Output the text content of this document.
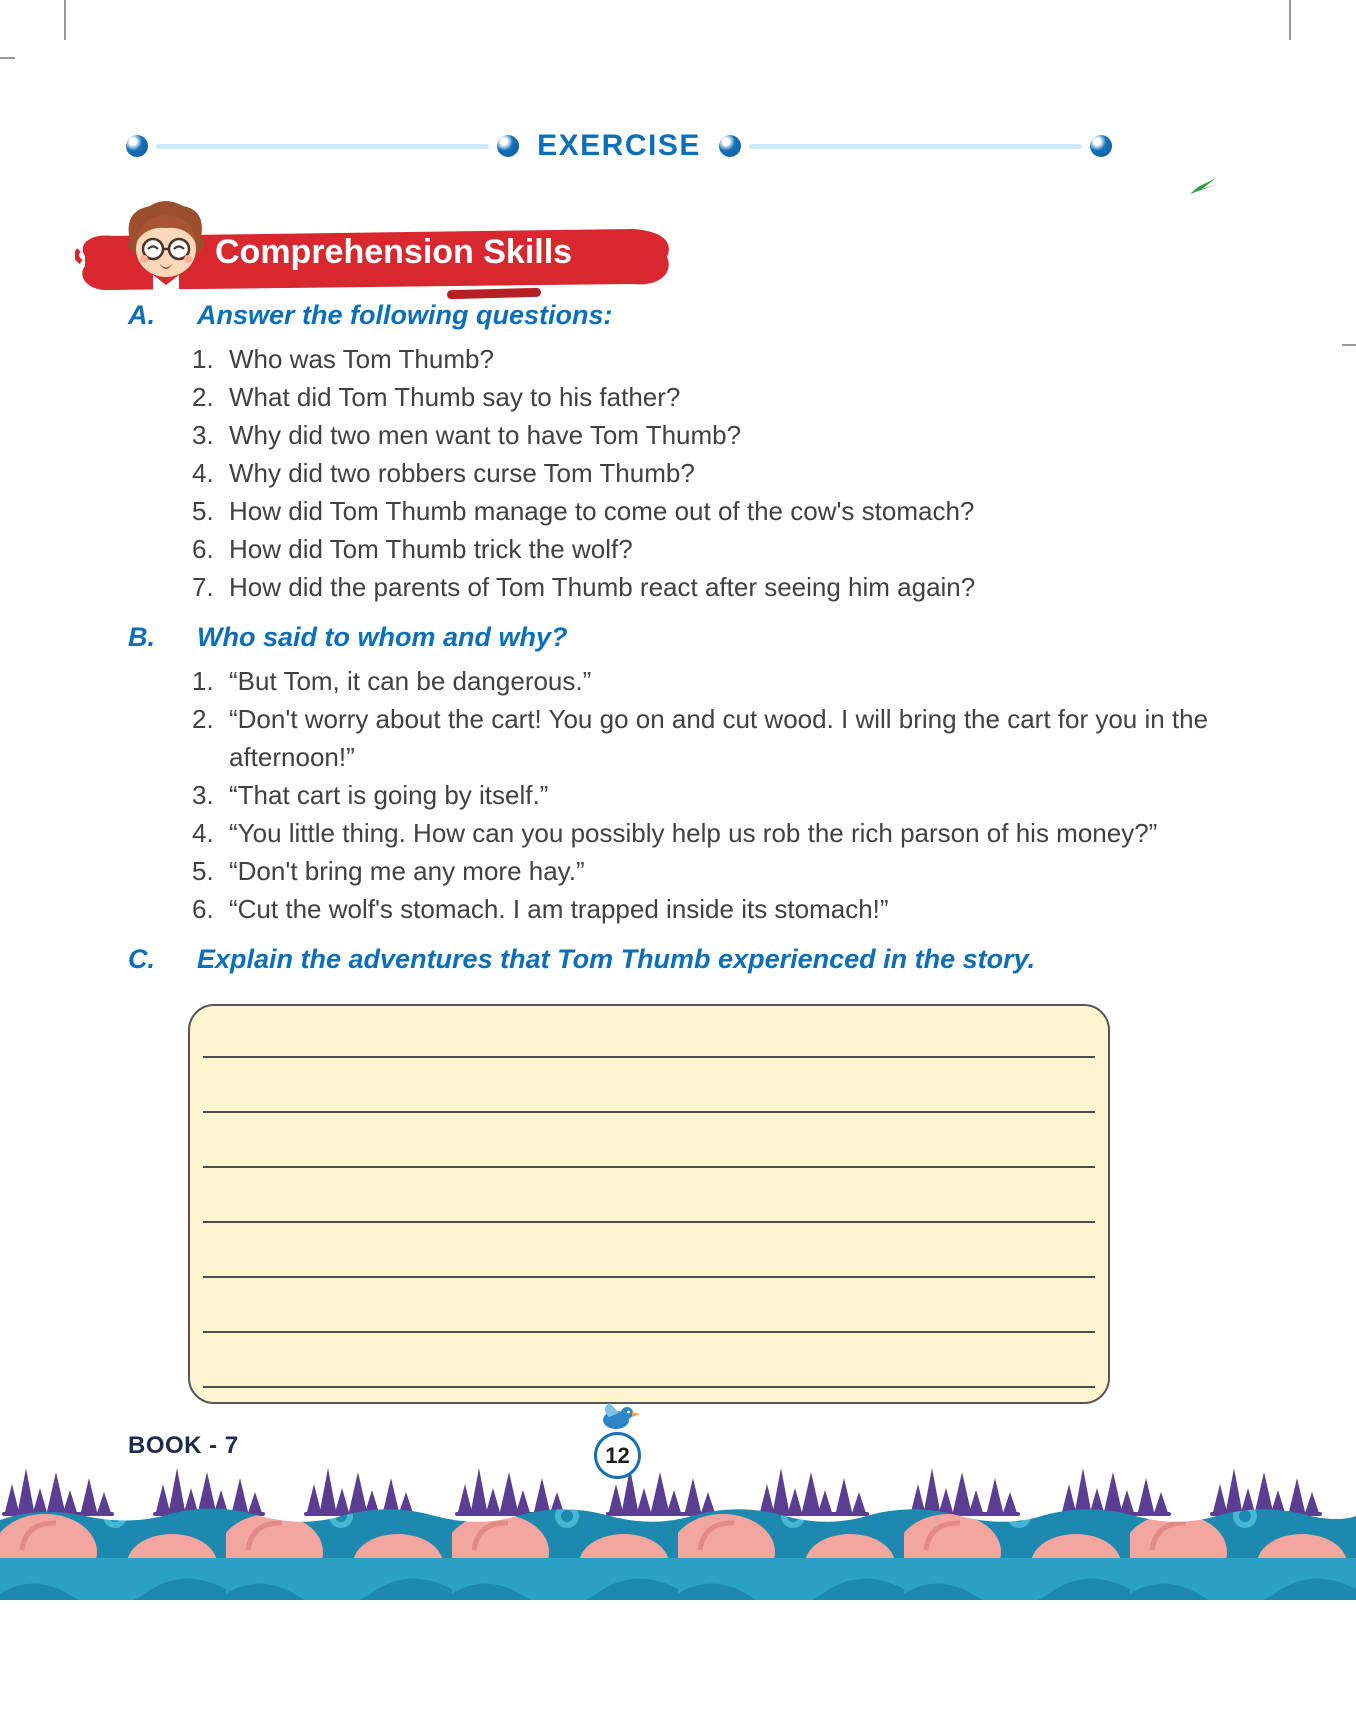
EXERCISE
Comprehension Skills
A.	Answer the following questions:
1. Who was Tom Thumb?
2. What did Tom Thumb say to his father?
3. Why did two men want to have Tom Thumb?
4. Why did two robbers curse Tom Thumb?
5. How did Tom Thumb manage to come out of the cow's stomach?
6. How did Tom Thumb trick the wolf?
7. How did the parents of Tom Thumb react after seeing him again?
B.	Who said to whom and why?
1. “But Tom, it can be dangerous.”
2. “Don't worry about the cart! You go on and cut wood. I will bring the cart for you in the afternoon!”
3. “That cart is going by itself.”
4. “You little thing. How can you possibly help us rob the rich parson of his money?”
5. “Don't bring me any more hay.”
6. “Cut the wolf's stomach. I am trapped inside its stomach!”
C.	Explain the adventures that Tom Thumb experienced in the story.
BOOK - 7	12
